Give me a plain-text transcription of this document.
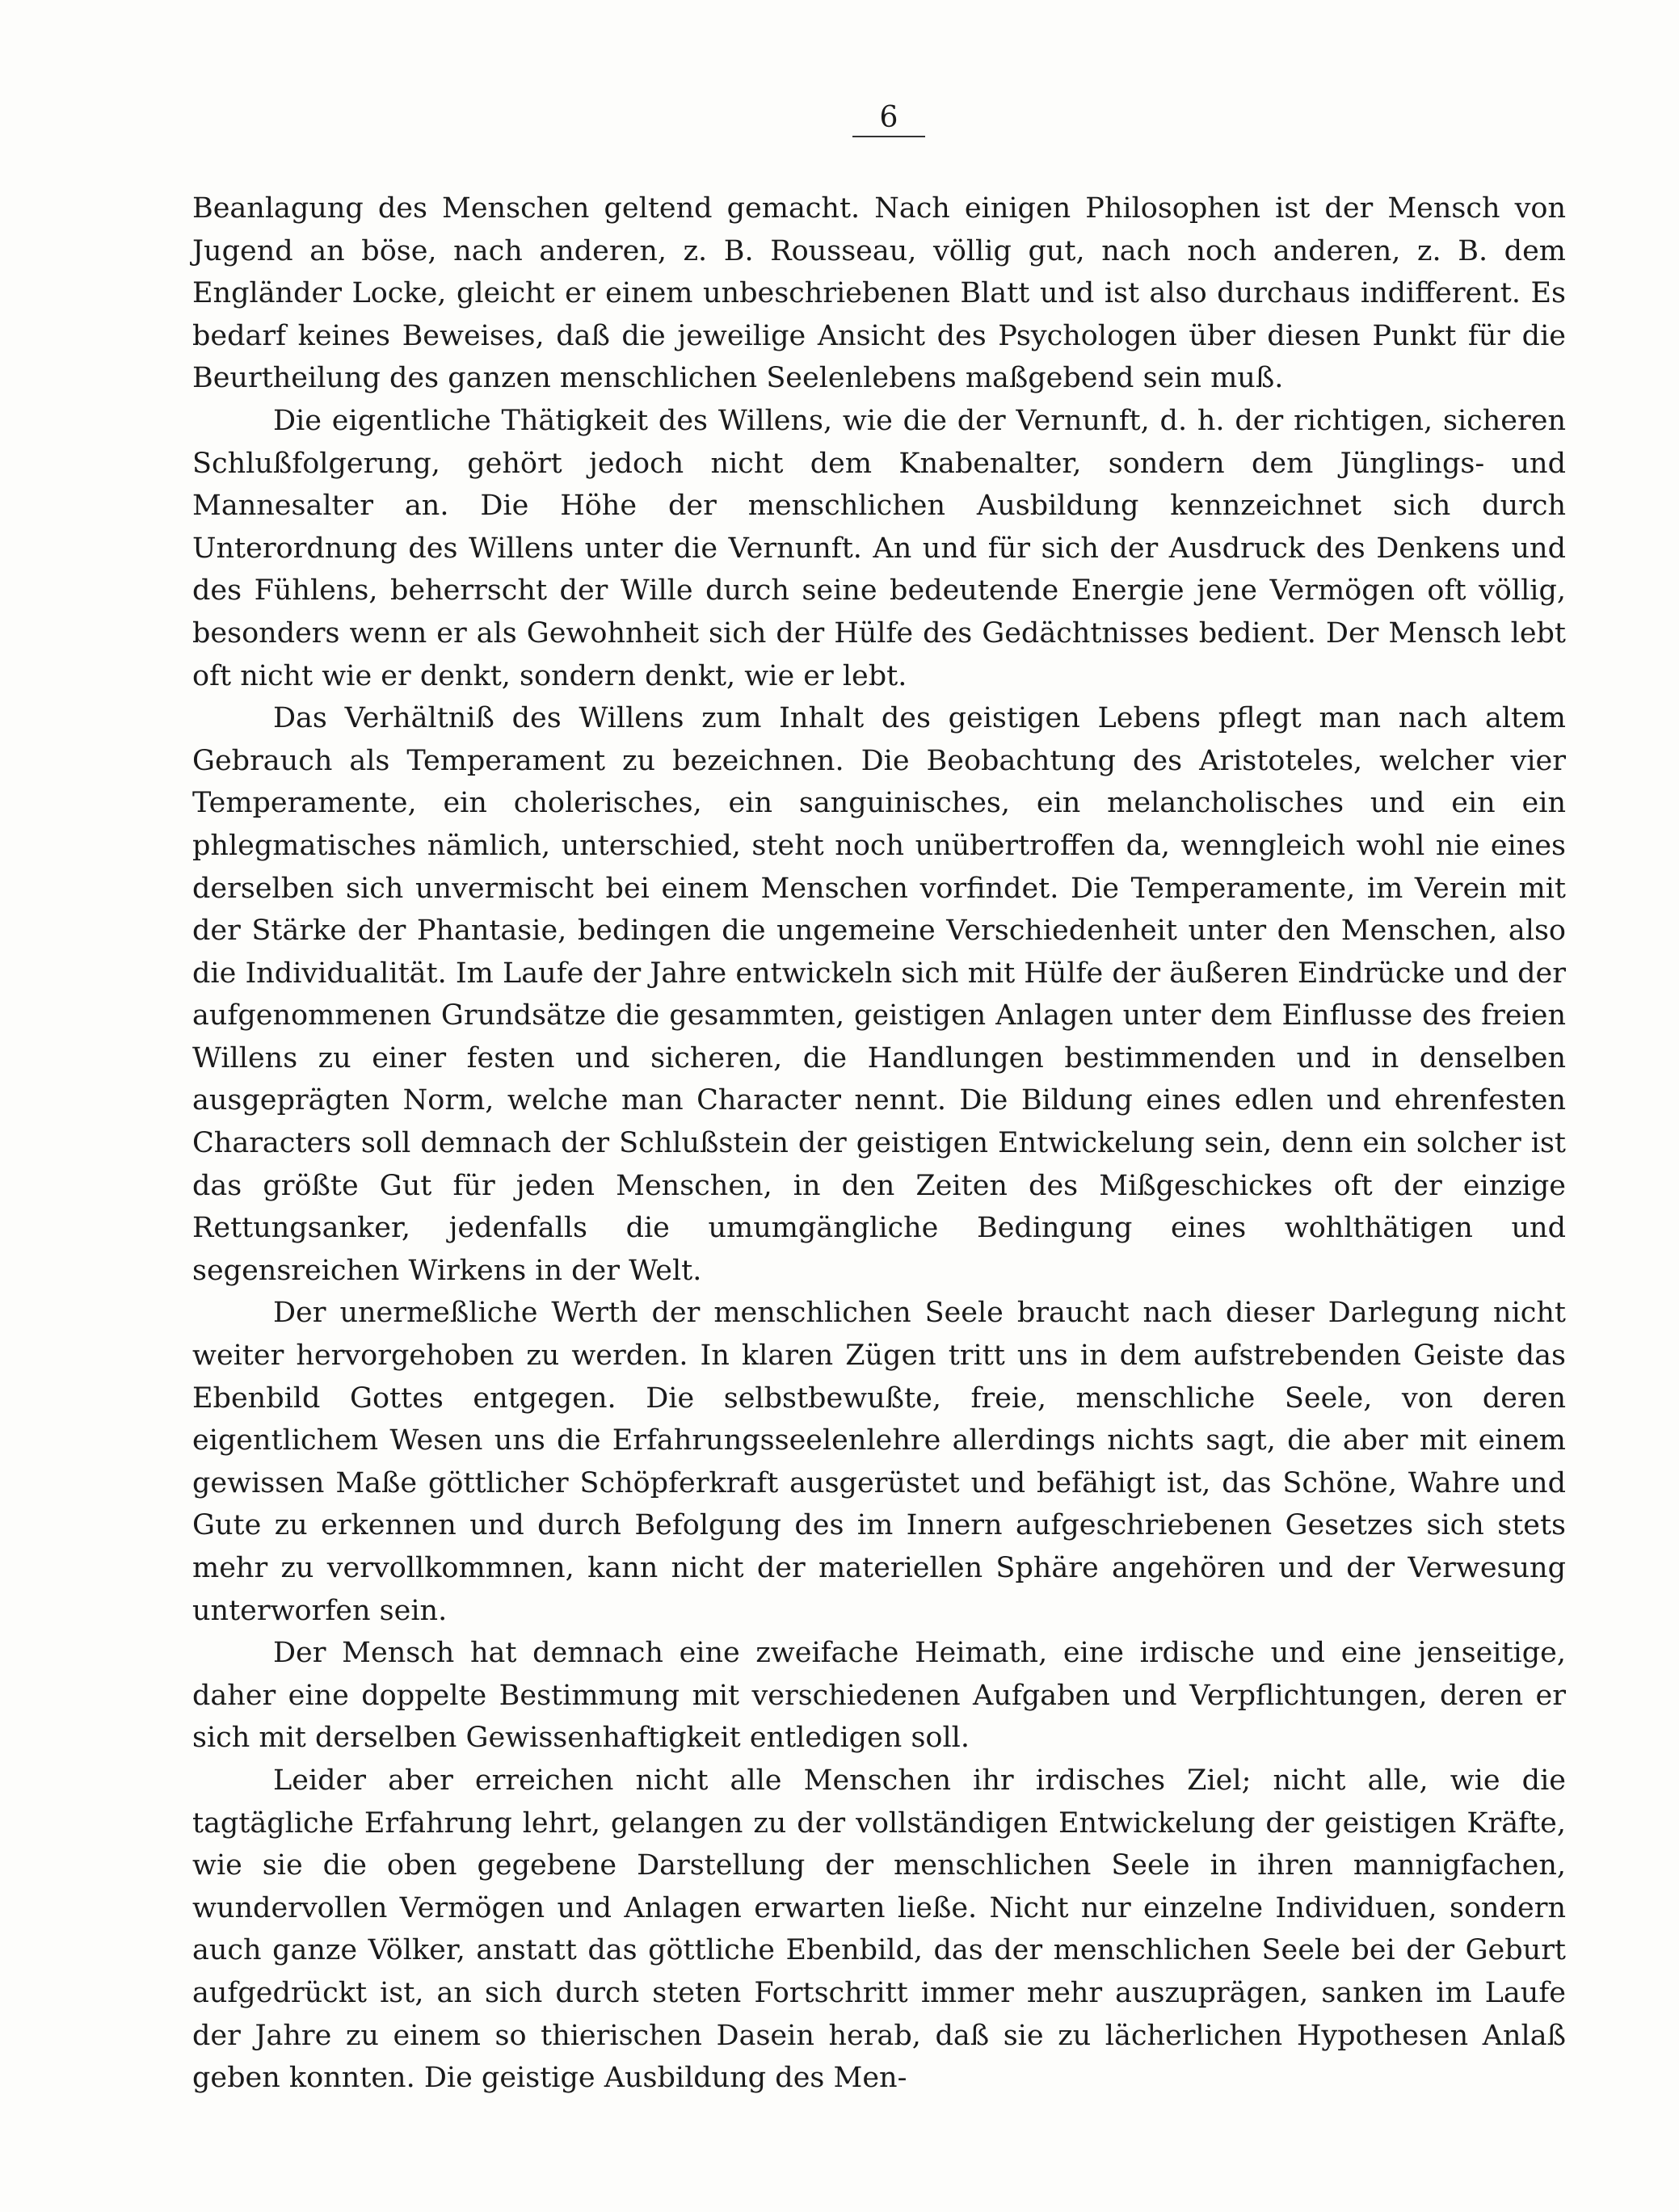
6

Beanlagung des Menschen geltend gemacht. Nach einigen Philosophen ist der Mensch von Jugend an böse, nach anderen, z. B. Rousseau, völlig gut, nach noch anderen, z. B. dem Engländer Locke, gleicht er einem unbeschriebenen Blatt und ist also durchaus indifferent. Es bedarf keines Beweises, daß die jeweilige Ansicht des Psychologen über diesen Punkt für die Beurtheilung des ganzen menschlichen Seelenlebens maßgebend sein muß.

Die eigentliche Thätigkeit des Willens, wie die der Vernunft, d. h. der richtigen, sicheren Schlußfolgerung, gehört jedoch nicht dem Knabenalter, sondern dem Jünglings- und Mannesalter an. Die Höhe der menschlichen Ausbildung kennzeichnet sich durch Unterordnung des Willens unter die Vernunft. An und für sich der Ausdruck des Denkens und des Fühlens, beherrscht der Wille durch seine bedeutende Energie jene Vermögen oft völlig, besonders wenn er als Gewohnheit sich der Hülfe des Gedächtnisses bedient. Der Mensch lebt oft nicht wie er denkt, sondern denkt, wie er lebt.

Das Verhältniß des Willens zum Inhalt des geistigen Lebens pflegt man nach altem Gebrauch als Temperament zu bezeichnen. Die Beobachtung des Aristoteles, welcher vier Temperamente, ein cholerisches, ein sanguinisches, ein melancholisches und ein ein phlegmatisches nämlich, unterschied, steht noch unübertroffen da, wenngleich wohl nie eines derselben sich unvermischt bei einem Menschen vorfindet. Die Temperamente, im Verein mit der Stärke der Phantasie, bedingen die ungemeine Verschiedenheit unter den Menschen, also die Individualität. Im Laufe der Jahre entwickeln sich mit Hülfe der äußeren Eindrücke und der aufgenommenen Grundsätze die gesammten, geistigen Anlagen unter dem Einflusse des freien Willens zu einer festen und sicheren, die Handlungen bestimmenden und in denselben ausgeprägten Norm, welche man Character nennt. Die Bildung eines edlen und ehrenfesten Characters soll demnach der Schlußstein der geistigen Entwickelung sein, denn ein solcher ist das größte Gut für jeden Menschen, in den Zeiten des Mißgeschickes oft der einzige Rettungsanker, jedenfalls die umumgängliche Bedingung eines wohlthätigen und segensreichen Wirkens in der Welt.

Der unermeßliche Werth der menschlichen Seele braucht nach dieser Darlegung nicht weiter hervorgehoben zu werden. In klaren Zügen tritt uns in dem aufstrebenden Geiste das Ebenbild Gottes entgegen. Die selbstbewußte, freie, menschliche Seele, von deren eigentlichem Wesen uns die Erfahrungsseelenlehre allerdings nichts sagt, die aber mit einem gewissen Maße göttlicher Schöpferkraft ausgerüstet und befähigt ist, das Schöne, Wahre und Gute zu erkennen und durch Befolgung des im Innern aufgeschriebenen Gesetzes sich stets mehr zu vervollkommnen, kann nicht der materiellen Sphäre angehören und der Verwesung unterworfen sein.

Der Mensch hat demnach eine zweifache Heimath, eine irdische und eine jenseitige, daher eine doppelte Bestimmung mit verschiedenen Aufgaben und Verpflichtungen, deren er sich mit derselben Gewissenhaftigkeit entledigen soll.

Leider aber erreichen nicht alle Menschen ihr irdisches Ziel; nicht alle, wie die tagtägliche Erfahrung lehrt, gelangen zu der vollständigen Entwickelung der geistigen Kräfte, wie sie die oben gegebene Darstellung der menschlichen Seele in ihren mannigfachen, wundervollen Vermögen und Anlagen erwarten ließe. Nicht nur einzelne Individuen, sondern auch ganze Völker, anstatt das göttliche Ebenbild, das der menschlichen Seele bei der Geburt aufgedrückt ist, an sich durch steten Fortschritt immer mehr auszuprägen, sanken im Laufe der Jahre zu einem so thierischen Dasein herab, daß sie zu lächerlichen Hypothesen Anlaß geben konnten. Die geistige Ausbildung des Men-
